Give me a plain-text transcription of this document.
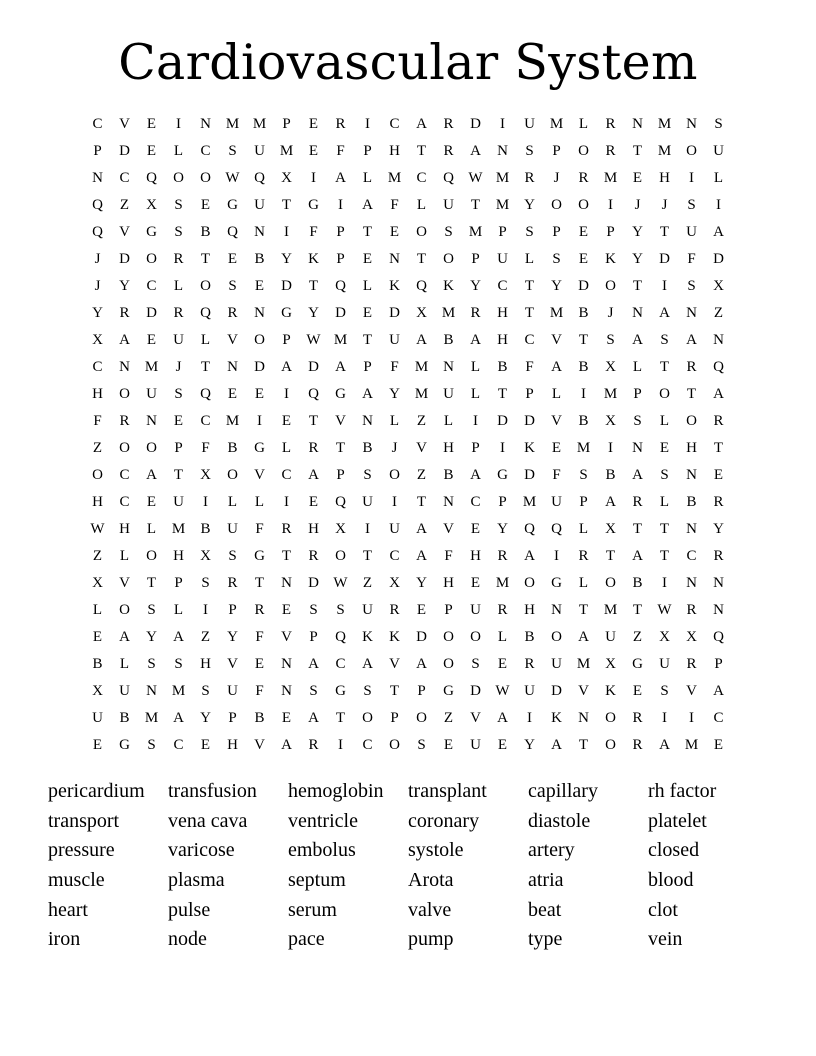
Cardiovascular System
C	V	E	I	N M M	P	E	R	I	C	A	R	D	I	U M	L	R	N M N	S
P	D	E	L	C	S	U M	E	F	P	H	T	R	A	N	S	P	O	R	T	M O	U
N	C	Q	O	O W Q	X	I	A	L	M	C	Q W M	R	J	R	M	E	H	I	L
Q	Z	X	S	E	G	U	T	G	I	A	F	L	U	T	M Y	O	O	I	J	J	S	I
Q	V	G	S	B	Q	N	I	F	P	T	E	O	S	M	P	S	P	E	P	Y	T	U	A
J	D	O	R	T	E	B	Y	K	P	E	N	T	O	P	U	L	S	E	K	Y	D	F	D
J	Y	C	L	O	S	E	D	T	Q	L	K	Q	K	Y	C	T	Y	D	O	T	I	S	X
Y	R	D	R	Q	R	N	G	Y	D	E	D	X M	R	H	T	M	B	J	N	A	N	Z
X	A	E	U	L	V	O	P	W M	T	U	A	B	A	H	C	V	T	S	A	S	A	N
C	N M	J	T	N	D	A	D	A	P	F	M N	L	B	F	A	B	X	L	T	R	Q
H	O	U	S	Q	E	E	I	Q	G	A	Y M U	L	T	P	L	I	M	P	O	T	A
F	R	N	E	C	M	I	E	T	V	N	L	Z	L	I	D	D	V	B	X	S	L	O	R
Z	O	O	P	F	B	G	L	R	T	B	J	V	H	P	I	K	E	M	I	N	E	H	T
O	C	A	T	X	O	V	C	A	P	S	O	Z	B	A	G	D	F	S	B	A	S	N	E
H	C	E	U	I	L	L	I	E	Q	U	I	T	N	C	P	M U	P	A	R	L	B	R
W H	L	M	B	U	F	R	H	X	I	U	A	V	E	Y	Q	Q	L	X	T	T	N	Y
Z	L	O	H	X	S	G	T	R	O	T	C	A	F	H	R	A	I	R	T	A	T	C	R
X	V	T	P	S	R	T	N	D W	Z	X	Y	H	E	M O	G	L	O	B	I	N	N
L	O	S	L	I	P	R	E	S	S	U	R	E	P	U	R	H	N	T	M	T	W R	N
E	A	Y	A	Z	Y	F	V	P	Q	K	K	D	O	O	L	B	O	A	U	Z	X	X	Q
B	L	S	S	H	V	E	N	A	C	A	V	A	O	S	E	R	U M X	G	U	R	P
X	U	N M	S	U	F	N	S	G	S	T	P	G	D W U	D	V	K	E	S	V	A
U	B	M A	Y	P	B	E	A	T	O	P	O	Z	V	A	I	K	N	O	R	I	I	C
E	G	S	C	E	H	V	A	R	I	C	O	S	E	U	E	Y	A	T	O	R	A M	E
pericardium	transfusion	hemoglobin	transplant	capillary	rh factor
transport	vena cava	ventricle	coronary	diastole	platelet
pressure	varicose	embolus	systole	artery	closed
muscle	plasma	septum	Arota	atria	blood
heart	pulse	serum	valve	beat	clot
iron	node	pace	pump	type	vein
